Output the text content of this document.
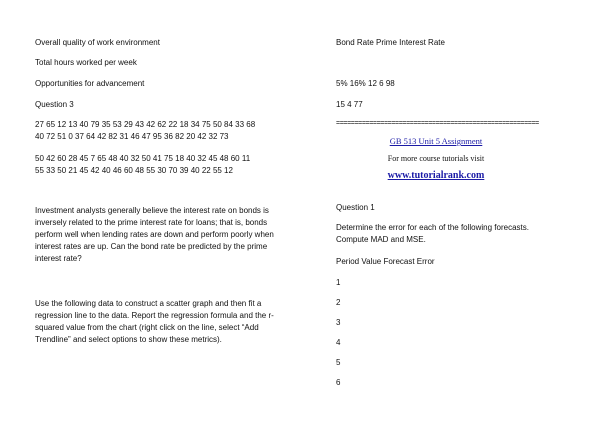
Overall quality of work environment
Total hours worked per week
Opportunities for advancement
Question 3
27 65 12 13 40 79 35 53 29 43 42 62 22 18 34 75 50 84 33 68
40 72 51 0 37 64 42 82 31 46 47 95 36 82 20 42 32 73
50 42 60 28 45 7 65 48 40 32 50 41 75 18 40 32 45 48 60 11
55 33 50 21 45 42 40 46 60 48 55 30 70 39 40 22 55 12
Investment analysts generally believe the interest rate on bonds is inversely related to the prime interest rate for loans; that is, bonds perform well when lending rates are down and perform poorly when interest rates are up. Can the bond rate be predicted by the prime interest rate?
Use the following data to construct a scatter graph and then fit a regression line to the data. Report the regression formula and the r-squared value from the chart (right click on the line, select “Add Trendline” and select options to show these metrics).
Bond Rate Prime Interest Rate
5% 16% 12 6 98
15 4 77
=======================================================
GB 513 Unit 5 Assignment
For more course tutorials visit
www.tutorialrank.com
Question 1
Determine the error for each of the following forecasts. Compute MAD and MSE.
Period Value Forecast Error
1
2
3
4
5
6
